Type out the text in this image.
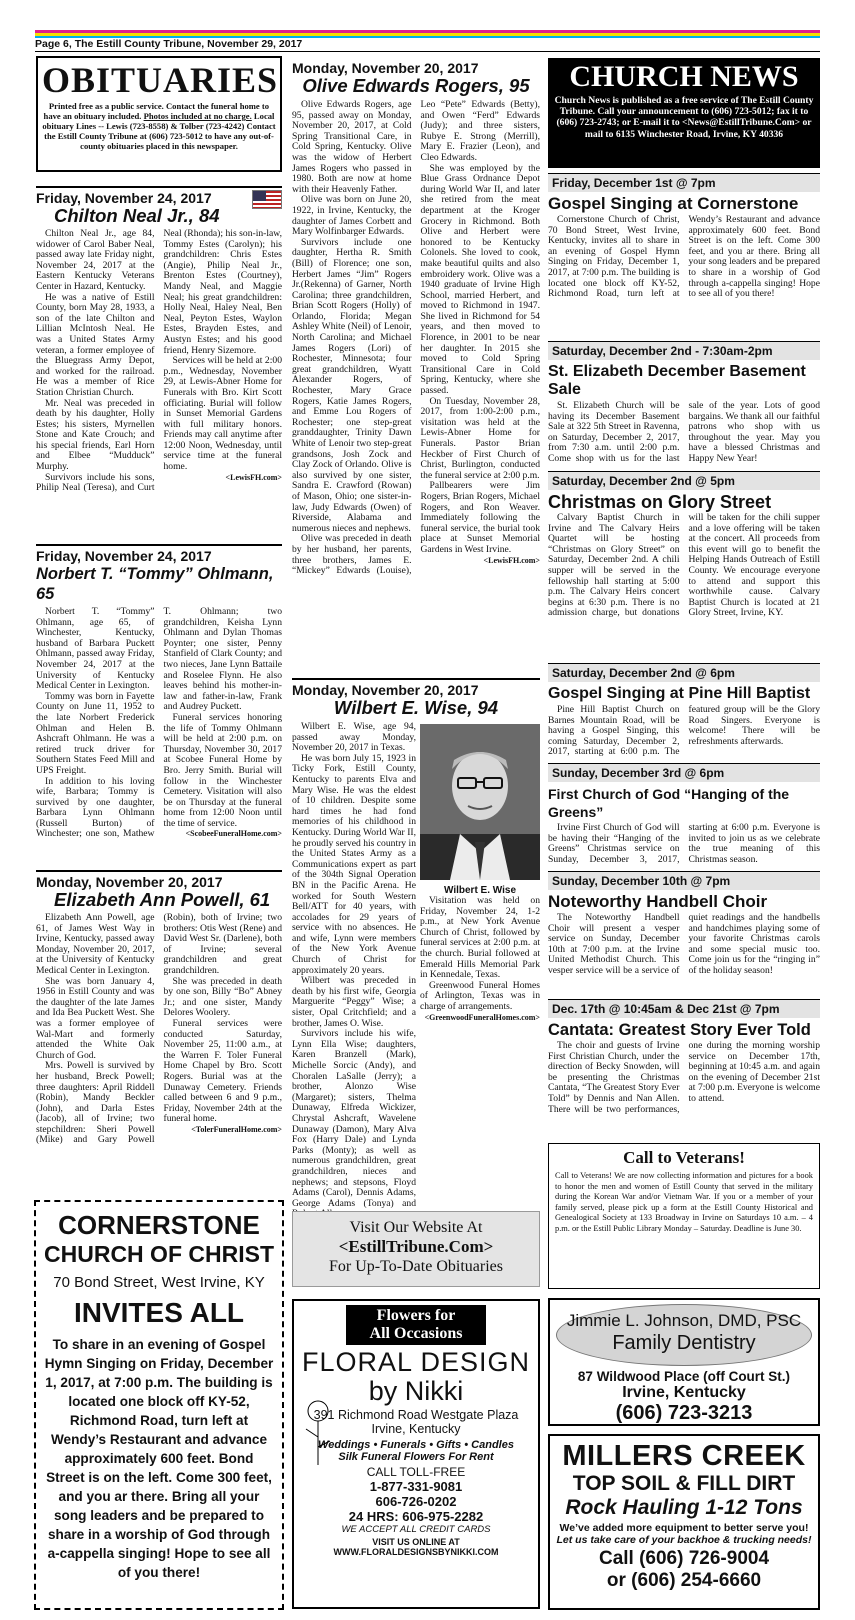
Page 6, The Estill County Tribune, November 29, 2017
OBITUARIES
Printed free as a public service. Contact the funeral home to have an obituary included. Photos included at no charge. Local obituary Lines -- Lewis (723-8558) & Tolber (723-4242) Contact the Estill County Tribune at (606) 723-5012 to have any out-of-county obituaries placed in this newspaper.
Friday, November 24, 2017
Chilton Neal Jr., 84

Chilton Neal Jr., age 84, widower of Carol Baber Neal, passed away late Friday night, November 24, 2017 at the Eastern Kentucky Veterans Center in Hazard, Kentucky.

He was a native of Estill County, born May 28, 1933, a son of the late Chilton and Lillian McIntosh Neal. He was a United States Army veteran, a former employee of the Bluegrass Army Depot, and worked for the railroad. He was a member of Rice Station Christian Church.

Mr. Neal was preceded in death by his daughter, Holly Estes; his sisters, Myrnellen Stone and Kate Crouch; and his special friends, Earl Horn and Elbee “Mudduck” Murphy.

Survivors include his sons, Philip Neal (Teresa), and Curt Neal (Rhonda); his son-in-law, Tommy Estes (Carolyn); his grandchildren: Chris Estes (Angie), Philip Neal Jr., Brenton Estes (Courtney), Mandy Neal, and Maggie Neal; his great grandchildren: Holly Neal, Haley Neal, Ben Neal, Peyton Estes, Waylon Estes, Brayden Estes, and Austyn Estes; and his good friend, Henry Sizemore.

Services will be held at 2:00 p.m., Wednesday, November 29, at Lewis-Abner Home for Funerals with Bro. Kirt Scott officiating. Burial will follow in Sunset Memorial Gardens with full military honors. Friends may call anytime after 12:00 Noon, Wednesday, until service time at the funeral home.

<LewisFH.com>
Friday, November 24, 2017
Norbert T. “Tommy” Ohlmann, 65

Norbert T. “Tommy” Ohlmann, age 65, of Winchester, Kentucky, husband of Barbara Puckett Ohlmann, passed away Friday, November 24, 2017 at the University of Kentucky Medical Center in Lexington.

Tommy was born in Fayette County on June 11, 1952 to the late Norbert Frederick Ohlman and Helen B. Ashcraft Ohlmann. He was a retired truck driver for Southern States Feed Mill and UPS Freight.

In addition to his loving wife, Barbara; Tommy is survived by one daughter, Barbara Lynn Ohlmann (Russell Burton) of Winchester; one son, Mathew T. Ohlmann; two grandchildren, Keisha Lynn Ohlmann and Dylan Thomas Poynter; one sister, Penny Stanfield of Clark County; and two nieces, Jane Lynn Battaile and Roselee Flynn. He also leaves behind his mother-in-law and father-in-law, Frank and Audrey Puckett.

Funeral services honoring the life of Tommy Ohlmann will be held at 2:00 p.m. on Thursday, November 30, 2017 at Scobee Funeral Home by Bro. Jerry Smith. Burial will follow in the Winchester Cemetery. Visitation will also be on Thursday at the funeral home from 12:00 Noon until the time of service.

<ScobeeFuneralHome.com>
Monday, November 20, 2017
Elizabeth Ann Powell, 61

Elizabeth Ann Powell, age 61, of James West Way in Irvine, Kentucky, passed away Monday, November 20, 2017, at the University of Kentucky Medical Center in Lexington.

She was born January 4, 1956 in Estill County and was the daughter of the late James and Ida Bea Puckett West. She was a former employee of Wal-Mart and formerly attended the White Oak Church of God.

Mrs. Powell is survived by her husband, Breck Powell; three daughters: April Riddell (Robin), Mandy Beckler (John), and Darla Estes (Jacob), all of Irvine; two stepchildren: Sheri Powell (Mike) and Gary Powell (Robin), both of Irvine; two brothers: Otis West (Rene) and David West Sr. (Darlene), both of Irvine; several grandchildren and great grandchildren.

She was preceded in death by one son, Billy “Bo” Abney Jr.; and one sister, Mandy Delores Woolery.

Funeral services were conducted Saturday, November 25, 11:00 a.m., at the Warren F. Toler Funeral Home Chapel by Bro. Scott Rogers. Burial was at the Dunaway Cemetery. Friends called between 6 and 9 p.m., Friday, November 24th at the funeral home.

<TolerFuneralHome.com>
CORNERSTONE
CHURCH OF CHRIST
70 Bond Street, West Irvine, KY
INVITES ALL
To share in an evening of Gospel Hymn Singing on Friday, December 1, 2017, at 7:00 p.m. The building is located one block off KY-52, Richmond Road, turn left at Wendy’s Restaurant and advance approximately 600 feet. Bond Street is on the left. Come 300 feet, and you ar there. Bring all your song leaders and be prepared to share in a worship of God through a-cappella singing! Hope to see all of you there!
Monday, November 20, 2017
Olive Edwards Rogers, 95

Olive Edwards Rogers, age 95, passed away on Monday, November 20, 2017, at Cold Spring Transitional Care, in Cold Spring, Kentucky. Olive was the widow of Herbert James Rogers who passed in 1980. Both are now at home with their Heavenly Father.

Olive was born on June 20, 1922, in Irvine, Kentucky, the daughter of James Corbett and Mary Wolfinbarger Edwards.

Survivors include one daughter, Hertha R. Smith (Bill) of Florence; one son, Herbert James “Jim” Rogers Jr.(Rekenna) of Garner, North Carolina; three grandchildren, Brian Scott Rogers (Holly) of Orlando, Florida; Megan Ashley White (Neil) of Lenoir, North Carolina; and Michael James Rogers (Lori) of Rochester, Minnesota; four great grandchildren, Wyatt Alexander Rogers, of Rochester, Mary Grace Rogers, Katie James Rogers, and Emme Lou Rogers of Rochester; one step-great granddaughter, Trinity Dawn White of Lenoir two step-great grandsons, Josh Zock and Clay Zock of Orlando. Olive is also survived by one sister, Sandra E. Crawford (Rowan) of Mason, Ohio; one sister-in-law, Judy Edwards (Owen) of Riverside, Alabama and numerous nieces and nephews.

Olive was preceded in death by her husband, her parents, three brothers, James E. “Mickey” Edwards (Louise), Leo “Pete” Edwards (Betty), and Owen “Ferd” Edwards (Judy); and three sisters, Rubye E. Strong (Merrill), Mary E. Frazier (Leon), and Cleo Edwards.

She was employed by the Blue Grass Ordnance Depot during World War II, and later she retired from the meat department at the Kroger Grocery in Richmond. Both Olive and Herbert were honored to be Kentucky Colonels. She loved to cook, make beautiful quilts and also embroidery work. Olive was a 1940 graduate of Irvine High School, married Herbert, and moved to Richmond in 1947. She lived in Richmond for 54 years, and then moved to Florence, in 2001 to be near her daughter. In 2015 she moved to Cold Spring Transitional Care in Cold Spring, Kentucky, where she passed.

On Tuesday, November 28, 2017, from 1:00-2:00 p.m., visitation was held at the Lewis-Abner Home for Funerals. Pastor Brian Heckber of First Church of Christ, Burlington, conducted the funeral service at 2:00 p.m.

Pallbearers were Jim Rogers, Brian Rogers, Michael Rogers, and Ron Weaver. Immediately following the funeral service, the burial took place at Sunset Memorial Gardens in West Irvine.

<LewisFH.com>
Monday, November 20, 2017
Wilbert E. Wise, 94
Wilbert E. Wise

Wilbert E. Wise, age 94, passed away Monday, November 20, 2017 in Texas.

He was born July 15, 1923 in Ticky Fork, Estill County, Kentucky to parents Elva and Mary Wise. He was the eldest of 10 children. Despite some hard times he had fond memories of his childhood in Kentucky. During World War II, he proudly served his country in the United States Army as a Communications expert as part of the 304th Signal Operation BN in the Pacific Arena. He worked for South Western Bell/ATT for 40 years, with accolades for 29 years of service with no absences. He and wife, Lynn were members of the New York Avenue Church of Christ for approximately 20 years.

Wilbert was preceded in death by his first wife, Georgia Marguerite “Peggy” Wise; a sister, Opal Critchfield; and a brother, James O. Wise.

Survivors include his wife, Lynn Ella Wise; daughters, Karen Branzell (Mark), Michelle Sorcic (Andy), and Choralen LaSalle (Jerry); a brother, Alonzo Wise (Margaret); sisters, Thelma Dunaway, Elfreda Wickizer, Chrystal Ashcraft, Wavelene Dunaway (Damon), Mary Alva Fox (Harry Dale) and Lynda Parks (Monty); as well as numerous grandchildren, great grandchildren, nieces and nephews; and stepsons, Floyd Adams (Carol), Dennis Adams, George Adams (Tonya) and

Visitation was held on Friday, November 24, 1-2 p.m., at New York Avenue Church of Christ, followed by funeral services at 2:00 p.m. at the church. Burial followed at Emerald Hills Memorial Park in Kennedale, Texas.

Greenwood Funeral Homes of Arlington, Texas was in charge of arrangements.

<GreenwoodFuneralHomes.com>
Visit Our Website At
<EstillTribune.Com>
For Up-To-Date Obituaries
Flowers for
All Occasions
FLORAL DESIGN
by Nikki
391 Richmond Road Westgate Plaza
Irvine, Kentucky
Weddings • Funerals • Gifts • Candles
Silk Funeral Flowers For Rent
CALL TOLL-FREE
1-877-331-9081
606-726-0202
24 HRS: 606-975-2282
WE ACCEPT ALL CREDIT CARDS
VISIT US ONLINE AT
WWW.FLORALDESIGNSBYNIKKI.COM
CHURCH NEWS
Church News is published as a free service of The Estill County Tribune. Call your announcement to (606) 723-5012; fax it to (606) 723-2743; or E-mail it to <News@EstillTribune.Com> or mail to 6135 Winchester Road, Irvine, KY 40336
Friday, December 1st @ 7pm
Gospel Singing at Cornerstone
Cornerstone Church of Christ, 70 Bond Street, West Irvine, Kentucky, invites all to share in an evening of Gospel Hymn Singing on Friday, December 1, 2017, at 7:00 p.m. The building is located one block off KY-52, Richmond Road, turn left at Wendy’s Restaurant and advance approximately 600 feet. Bond Street is on the left. Come 300 feet, and you ar there. Bring all your song leaders and be prepared to share in a worship of God through a-cappella singing! Hope to see all of you there!
Saturday, December 2nd - 7:30am-2pm
St. Elizabeth December Basement Sale
St. Elizabeth Church will be having its December Basement Sale at 322 5th Street in Ravenna, on Saturday, December 2, 2017, from 7:30 a.m. until 2:00 p.m. Come shop with us for the last sale of the year. Lots of good bargains. We thank all our faithful patrons who shop with us throughout the year. May you have a blessed Christmas and Happy New Year!
Saturday, December 2nd @ 5pm
Christmas on Glory Street
Calvary Baptist Church in Irvine and The Calvary Heirs Quartet will be hosting “Christmas on Glory Street” on Saturday, December 2nd. A chili supper will be served in the fellowship hall starting at 5:00 p.m. The Calvary Heirs concert begins at 6:30 p.m. There is no admission charge, but donations will be taken for the chili supper and a love offering will be taken at the concert. All proceeds from this event will go to benefit the Helping Hands Outreach of Estill County. We encourage everyone to attend and support this worthwhile cause. Calvary Baptist Church is located at 21 Glory Street, Irvine, KY.
Saturday, December 2nd @ 6pm
Gospel Singing at Pine Hill Baptist
Pine Hill Baptist Church on Barnes Mountain Road, will be having a Gospel Singing, this coming Saturday, December 2, 2017, starting at 6:00 p.m. The featured group will be the Glory Road Singers. Everyone is welcome! There will be refreshments afterwards.
Sunday, December 3rd @ 6pm
First Church of God “Hanging of the Greens”
Irvine First Church of God will be having their “Hanging of the Greens” Christmas service on Sunday, December 3, 2017, starting at 6:00 p.m. Everyone is invited to join us as we celebrate the true meaning of this Christmas season.
Sunday, December 10th @ 7pm
Noteworthy Handbell Choir
The Noteworthy Handbell Choir will present a vesper service on Sunday, December 10th at 7:00 p.m. at the Irvine United Methodist Church. This vesper service will be a service of quiet readings and the handbells and handchimes playing some of your favorite Christmas carols and some special music too. Come join us for the “ringing in” of the holiday season!
Dec. 17th @ 10:45am & Dec 21st @ 7pm
Cantata: Greatest Story Ever Told
The choir and guests of Irvine First Christian Church, under the direction of Becky Snowden, will be presenting the Christmas Cantata, “The Greatest Story Ever Told” by Dennis and Nan Allen. There will be two performances, one during the morning worship service on December 17th, beginning at 10:45 a.m. and again on the evening of December 21st at 7:00 p.m. Everyone is welcome to attend.
Call to Veterans!
Call to Veterans! We are now collecting information and pictures for a book to honor the men and women of Estill County that served in the military during the Korean War and/or Vietnam War. If you or a member of your family served, please pick up a form at the Estill County Historical and Genealogical Society at 133 Broadway in Irvine on Saturdays 10 a.m. – 4 p.m. or the Estill Public Library Monday – Saturday. Deadline is June 30.
Jimmie L. Johnson, DMD, PSC
Family Dentistry
87 Wildwood Place (off Court St.)
Irvine, Kentucky
(606) 723-3213
MILLERS CREEK
TOP SOIL & FILL DIRT
Rock Hauling 1-12 Tons
We’ve added more equipment to better serve you!
Let us take care of your backhoe & trucking needs!
Call (606) 726-9004
or (606) 254-6660
